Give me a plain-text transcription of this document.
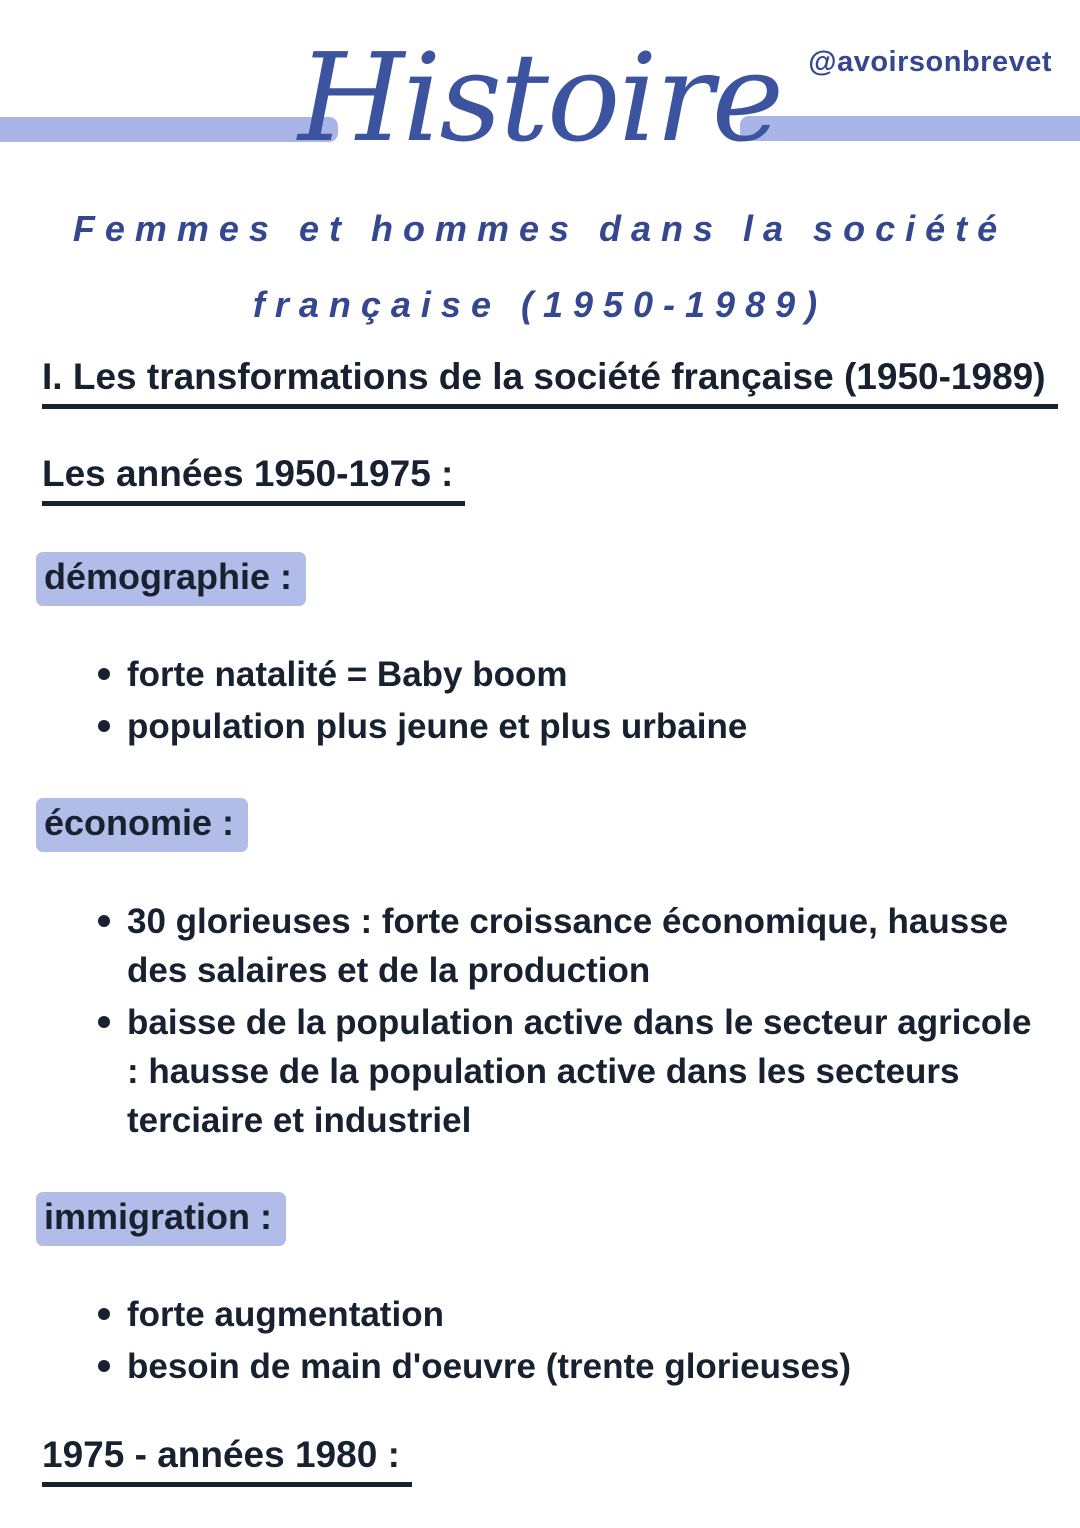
Histoire @avoirsonbrevet
Femmes et hommes dans la société
française (1950-1989)
I. Les transformations de la société française (1950-1989)
Les années 1950-1975 :
démographie :
forte natalité = Baby boom
population plus jeune et plus urbaine
économie :
30 glorieuses : forte croissance économique, hausse des salaires et de la production
baisse de la population active dans le secteur agricole : hausse de la population active dans les secteurs terciaire et industriel
immigration :
forte augmentation
besoin de main d'oeuvre (trente glorieuses)
1975 - années 1980 :
